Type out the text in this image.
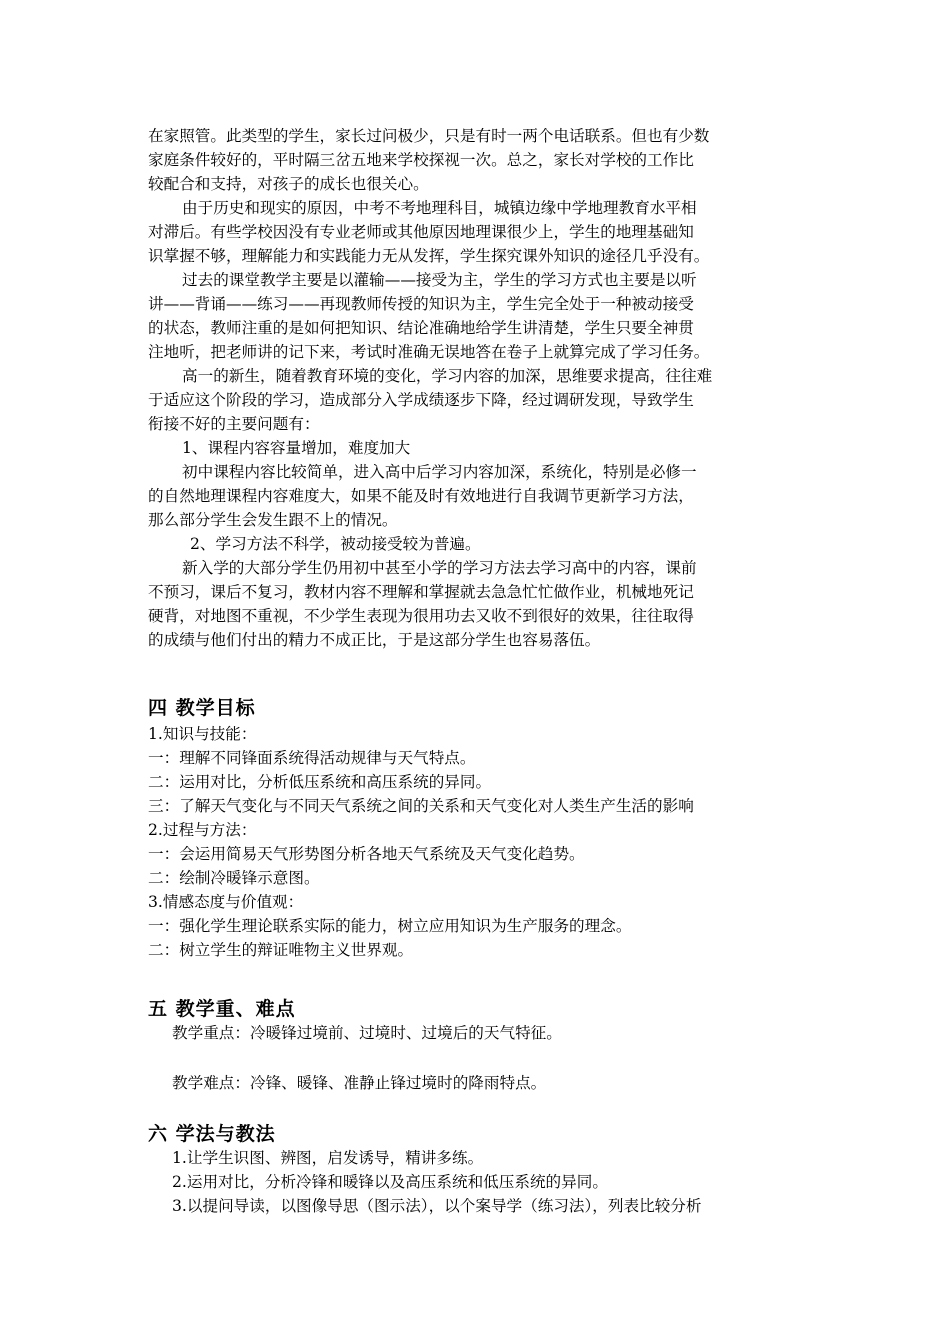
在家照管。此类型的学生，家长过问极少，只是有时一两个电话联系。但也有少数
家庭条件较好的，平时隔三岔五地来学校探视一次。总之，家长对学校的工作比
较配合和支持，对孩子的成长也很关心。
由于历史和现实的原因，中考不考地理科目，城镇边缘中学地理教育水平相
对滞后。有些学校因没有专业老师或其他原因地理课很少上，学生的地理基础知
识掌握不够，理解能力和实践能力无从发挥，学生探究课外知识的途径几乎没有。
过去的课堂教学主要是以灌输——接受为主，学生的学习方式也主要是以听
讲——背诵——练习——再现教师传授的知识为主，学生完全处于一种被动接受
的状态，教师注重的是如何把知识、结论准确地给学生讲清楚，学生只要全神贯
注地听，把老师讲的记下来，考试时准确无误地答在卷子上就算完成了学习任务。
高一的新生，随着教育环境的变化，学习内容的加深，思维要求提高，往往难
于适应这个阶段的学习，造成部分入学成绩逐步下降，经过调研发现，导致学生
衔接不好的主要问题有：
1、课程内容容量增加，难度加大
初中课程内容比较简单，进入高中后学习内容加深，系统化，特别是必修一
的自然地理课程内容难度大，如果不能及时有效地进行自我调节更新学习方法，
那么部分学生会发生跟不上的情况。
2、学习方法不科学，被动接受较为普遍。
新入学的大部分学生仍用初中甚至小学的学习方法去学习高中的内容，课前
不预习，课后不复习，教材内容不理解和掌握就去急急忙忙做作业，机械地死记
硬背，对地图不重视，不少学生表现为很用功去又收不到很好的效果，往往取得
的成绩与他们付出的精力不成正比，于是这部分学生也容易落伍。
四 教学目标
1.知识与技能：
一：理解不同锋面系统得活动规律与天气特点。
二：运用对比，分析低压系统和高压系统的异同。
三：了解天气变化与不同天气系统之间的关系和天气变化对人类生产生活的影响
2.过程与方法：
一：会运用简易天气形势图分析各地天气系统及天气变化趋势。
二：绘制冷暖锋示意图。
3.情感态度与价值观：
一：强化学生理论联系实际的能力，树立应用知识为生产服务的理念。
二：树立学生的辩证唯物主义世界观。
五 教学重、难点
教学重点：冷暖锋过境前、过境时、过境后的天气特征。
教学难点：冷锋、暖锋、准静止锋过境时的降雨特点。
六 学法与教法
1.让学生识图、辨图，启发诱导，精讲多练。
2.运用对比，分析冷锋和暖锋以及高压系统和低压系统的异同。
3.以提问导读，以图像导思（图示法），以个案导学（练习法），列表比较分析
